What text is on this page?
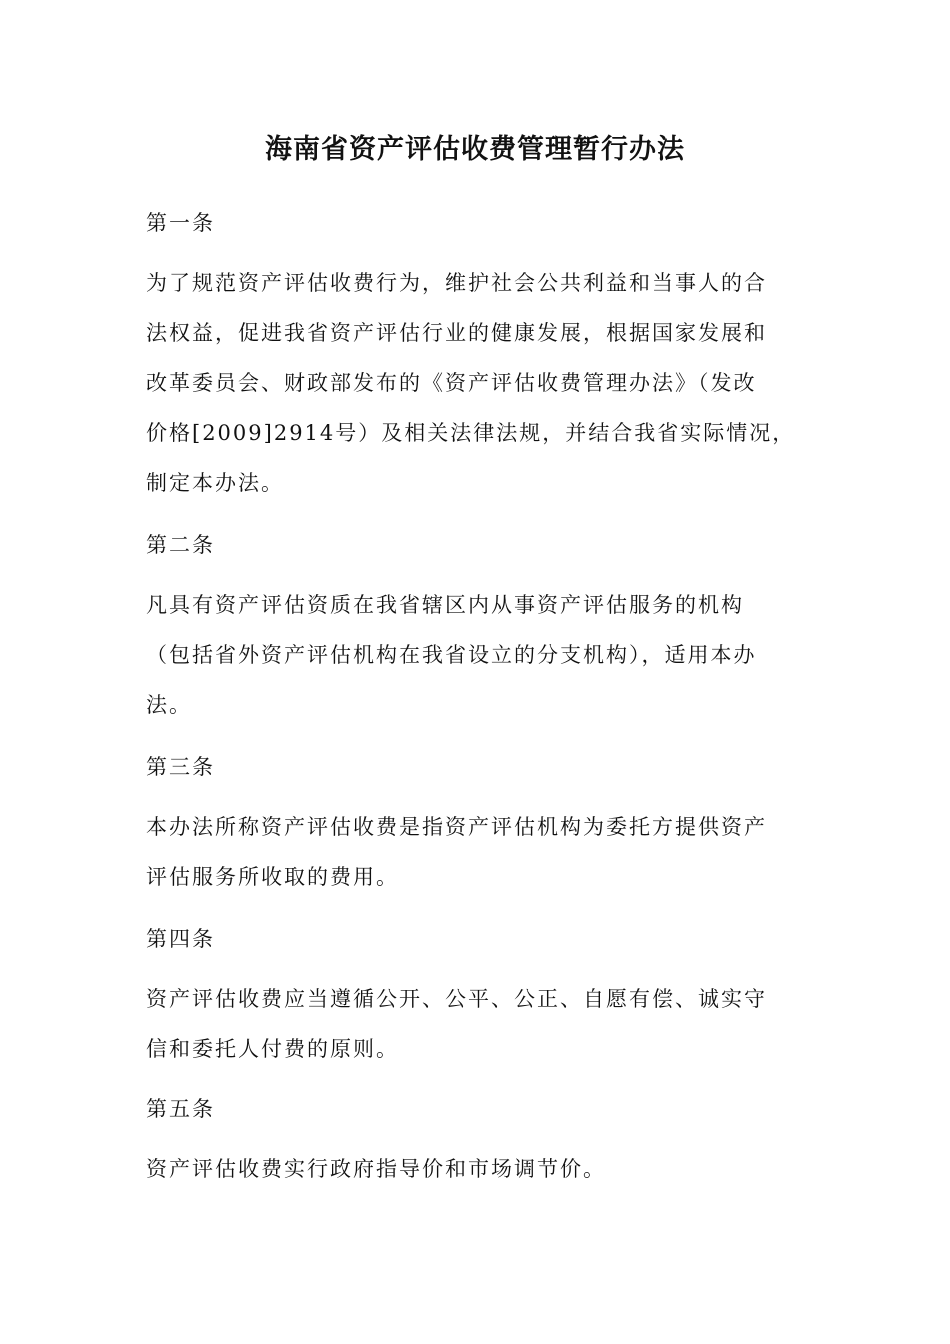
海南省资产评估收费管理暂行办法
第一条
为了规范资产评估收费行为，维护社会公共利益和当事人的合
法权益，促进我省资产评估行业的健康发展，根据国家发展和
改革委员会、财政部发布的《资产评估收费管理办法》（发改
价格[2009]2914号）及相关法律法规，并结合我省实际情况，
制定本办法。
第二条
凡具有资产评估资质在我省辖区内从事资产评估服务的机构
（包括省外资产评估机构在我省设立的分支机构），适用本办
法。
第三条
本办法所称资产评估收费是指资产评估机构为委托方提供资产
评估服务所收取的费用。
第四条
资产评估收费应当遵循公开、公平、公正、自愿有偿、诚实守
信和委托人付费的原则。
第五条
资产评估收费实行政府指导价和市场调节价。
